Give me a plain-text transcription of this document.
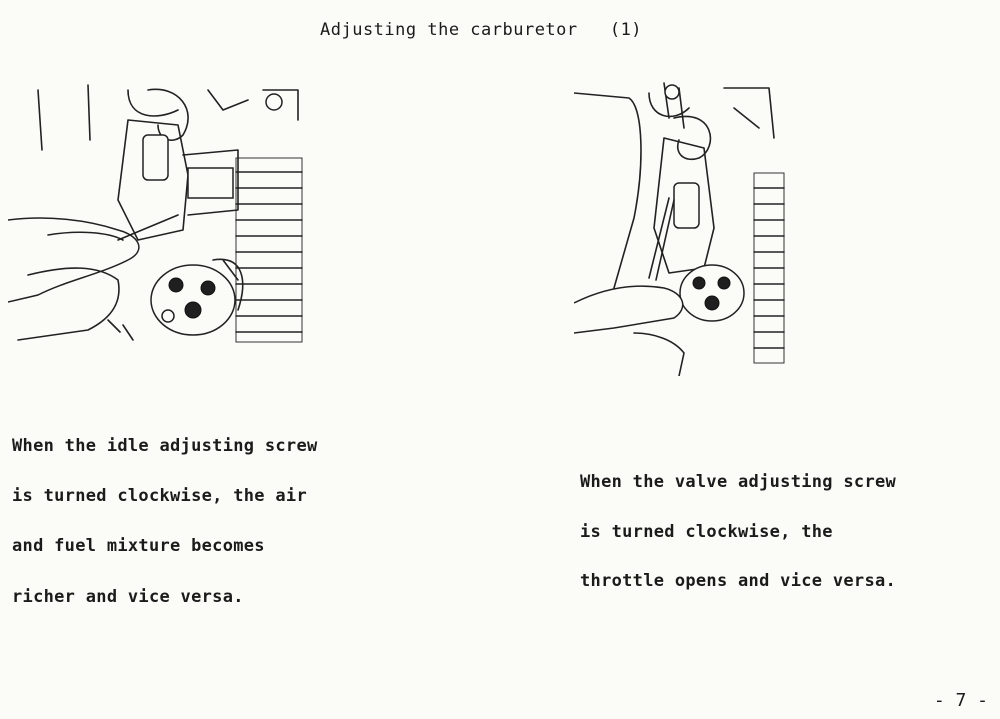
Adjusting the carburetor   (1)
When the idle adjusting screw
is turned clockwise, the air
and fuel mixture becomes
richer and vice versa.
When the valve adjusting screw
is turned clockwise, the
throttle opens and vice versa.
- 7 -
